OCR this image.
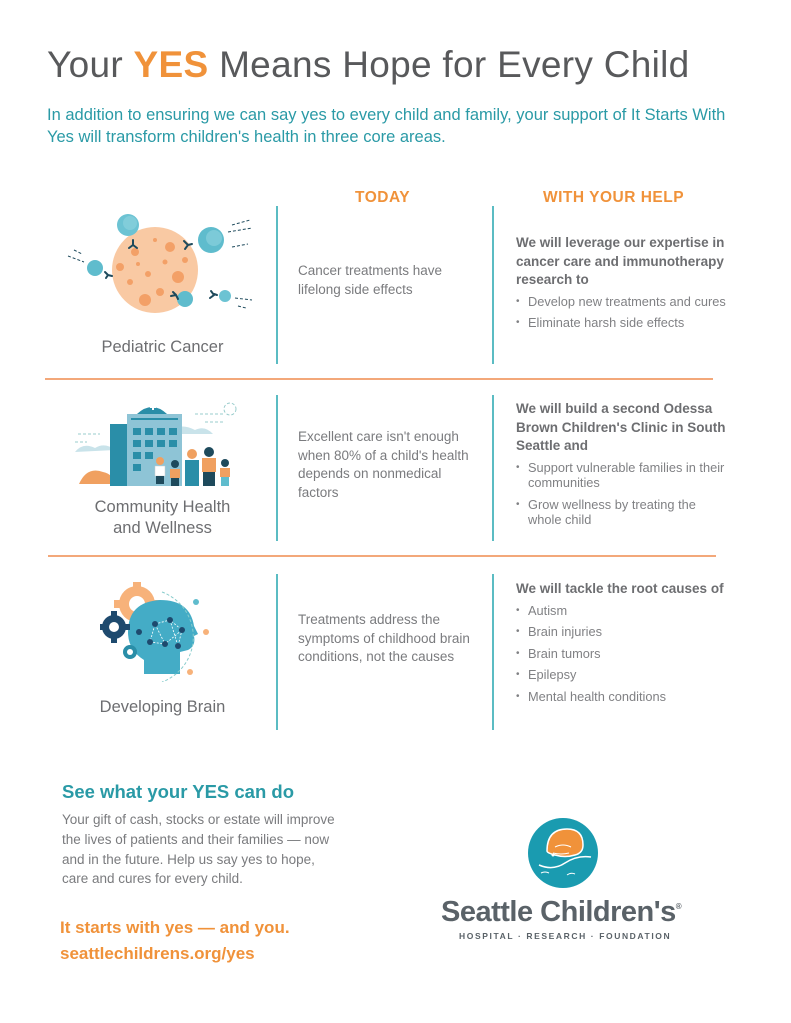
Your YES Means Hope for Every Child
In addition to ensuring we can say yes to every child and family, your support of It Starts With Yes will transform children's health in three core areas.
TODAY	WITH YOUR HELP
Pediatric Cancer
Cancer treatments have lifelong side effects
We will leverage our expertise in cancer care and immunotherapy research to
• Develop new treatments and cures
• Eliminate harsh side effects
Community Health
and Wellness
Excellent care isn't enough when 80% of a child's health depends on nonmedical factors
We will build a second Odessa Brown Children's Clinic in South Seattle and
• Support vulnerable families in their communities
• Grow wellness by treating the whole child
Developing Brain
Treatments address the symptoms of childhood brain conditions, not the causes
We will tackle the root causes of
• Autism
• Brain injuries
• Brain tumors
• Epilepsy
• Mental health conditions
See what your YES can do
Your gift of cash, stocks or estate will improve the lives of patients and their families — now and in the future. Help us say yes to hope, care and cures for every child.
It starts with yes — and you.
seattlechildrens.org/yes
Seattle Children's®
HOSPITAL · RESEARCH · FOUNDATION
